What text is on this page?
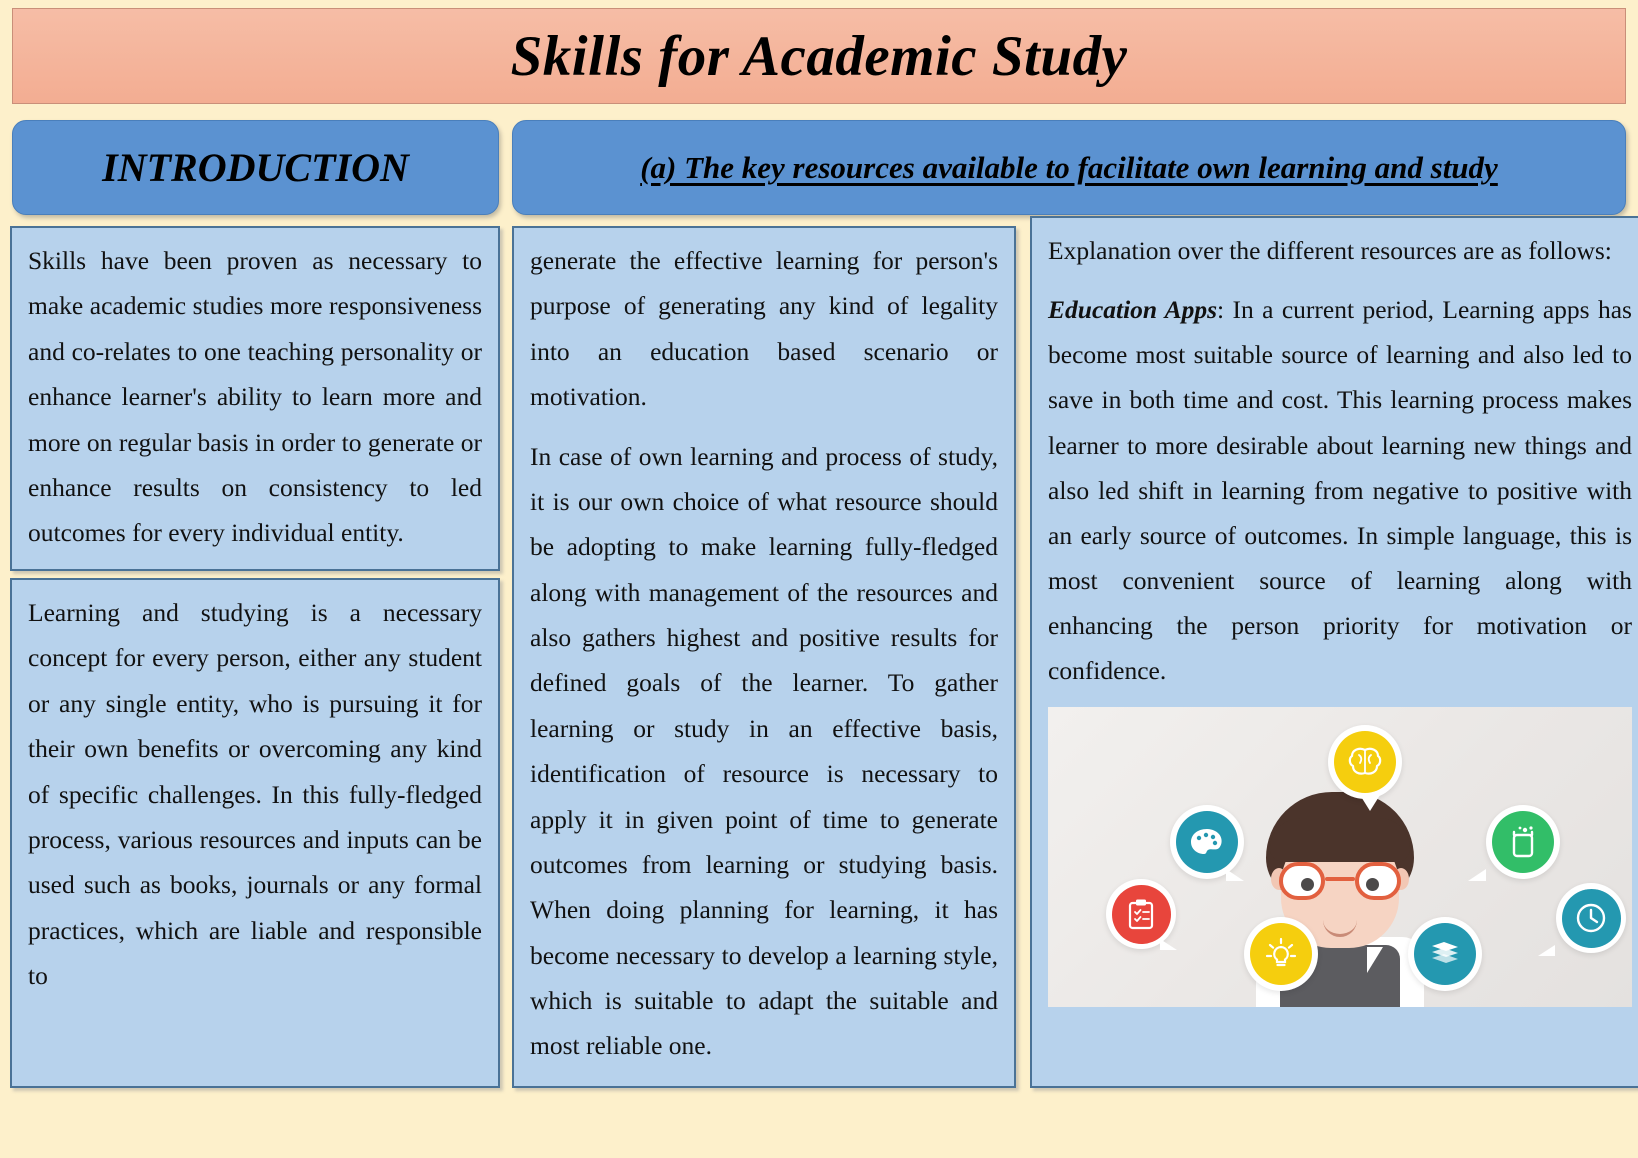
Skills for Academic Study
INTRODUCTION	(a) The key resources available to facilitate own learning and study

Skills have been proven as necessary to make academic studies more responsiveness and co-relates to one teaching personality or enhance learner's ability to learn more and more on regular basis in order to generate or enhance results on consistency to led outcomes for every individual entity.

Learning and studying is a necessary concept for every person, either any student or any single entity, who is pursuing it for their own benefits or overcoming any kind of specific challenges. In this fully-fledged process, various resources and inputs can be used such as books, journals or any formal practices, which are liable and responsible to

generate the effective learning for person's purpose of generating any kind of legality into an education based scenario or motivation.

In case of own learning and process of study, it is our own choice of what resource should be adopting to make learning fully-fledged along with management of the resources and also gathers highest and positive results for defined goals of the learner. To gather learning or study in an effective basis, identification of resource is necessary to apply it in given point of time to generate outcomes from learning or studying basis. When doing planning for learning, it has become necessary to develop a learning style, which is suitable to adapt the suitable and most reliable one.

Explanation over the different resources are as follows:

Education Apps: In a current period, Learning apps has become most suitable source of learning and also led to save in both time and cost. This learning process makes learner to more desirable about learning new things and also led shift in learning from negative to positive with an early source of outcomes. In simple language, this is most convenient source of learning along with enhancing the person priority for motivation or confidence.
